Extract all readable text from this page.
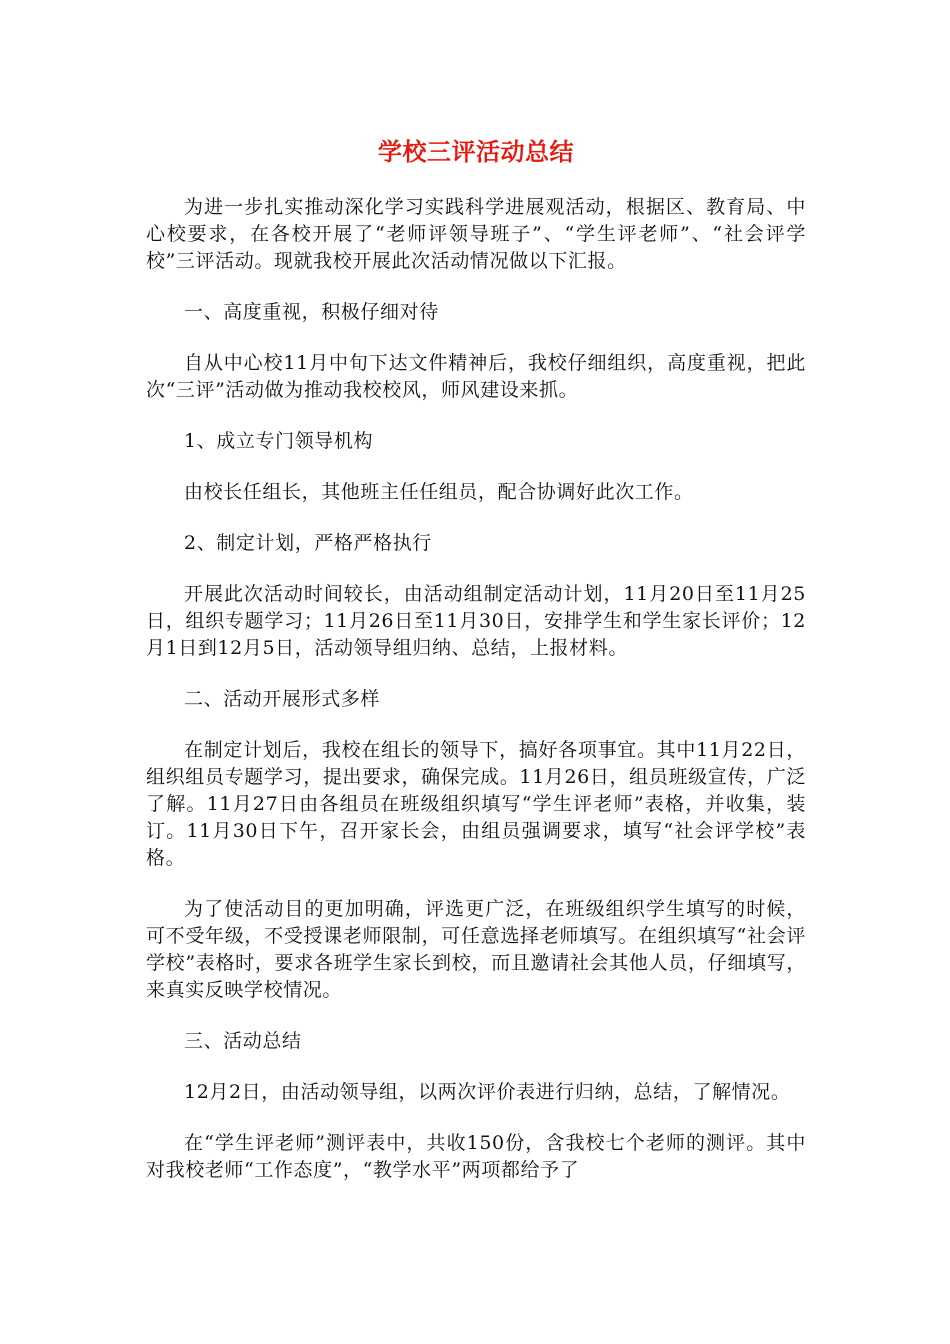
学校三评活动总结

为进一步扎实推动深化学习实践科学进展观活动，根据区、教育局、中心校要求，在各校开展了“老师评领导班子”、“学生评老师”、“社会评学校”三评活动。现就我校开展此次活动情况做以下汇报。

一、高度重视，积极仔细对待

自从中心校11月中旬下达文件精神后，我校仔细组织，高度重视，把此次“三评”活动做为推动我校校风，师风建设来抓。

1、成立专门领导机构

由校长任组长，其他班主任任组员，配合协调好此次工作。

2、制定计划，严格严格执行

开展此次活动时间较长，由活动组制定活动计划，11月20日至11月25日，组织专题学习；11月26日至11月30日，安排学生和学生家长评价；12月1日到12月5日，活动领导组归纳、总结，上报材料。

二、活动开展形式多样

在制定计划后，我校在组长的领导下，搞好各项事宜。其中11月22日，组织组员专题学习，提出要求，确保完成。11月26日，组员班级宣传，广泛了解。11月27日由各组员在班级组织填写“学生评老师”表格，并收集，装订。11月30日下午，召开家长会，由组员强调要求，填写“社会评学校”表格。

为了使活动目的更加明确，评选更广泛，在班级组织学生填写的时候，可不受年级，不受授课老师限制，可任意选择老师填写。在组织填写“社会评学校”表格时，要求各班学生家长到校，而且邀请社会其他人员，仔细填写，来真实反映学校情况。

三、活动总结

12月2日，由活动领导组，以两次评价表进行归纳，总结，了解情况。

在“学生评老师”测评表中，共收150份，含我校七个老师的测评。其中对我校老师“工作态度”，“教学水平”两项都给予了
